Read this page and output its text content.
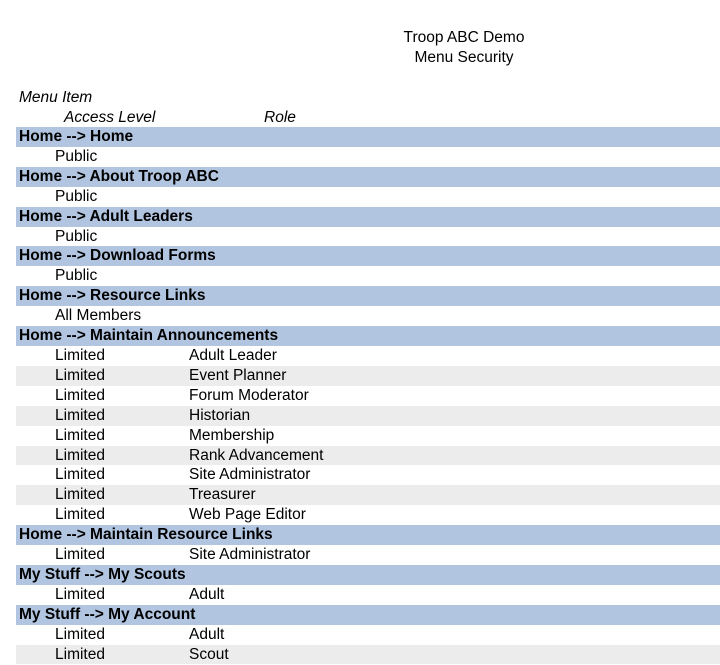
Troop ABC Demo
Menu Security
Menu Item
Access Level	Role
Home --> Home
Public
Home --> About Troop ABC
Public
Home --> Adult Leaders
Public
Home --> Download Forms
Public
Home --> Resource Links
All Members
Home --> Maintain Announcements
Limited	Adult Leader
Limited	Event Planner
Limited	Forum Moderator
Limited	Historian
Limited	Membership
Limited	Rank Advancement
Limited	Site Administrator
Limited	Treasurer
Limited	Web Page Editor
Home --> Maintain Resource Links
Limited	Site Administrator
My Stuff --> My Scouts
Limited	Adult
My Stuff --> My Account
Limited	Adult
Limited	Scout
